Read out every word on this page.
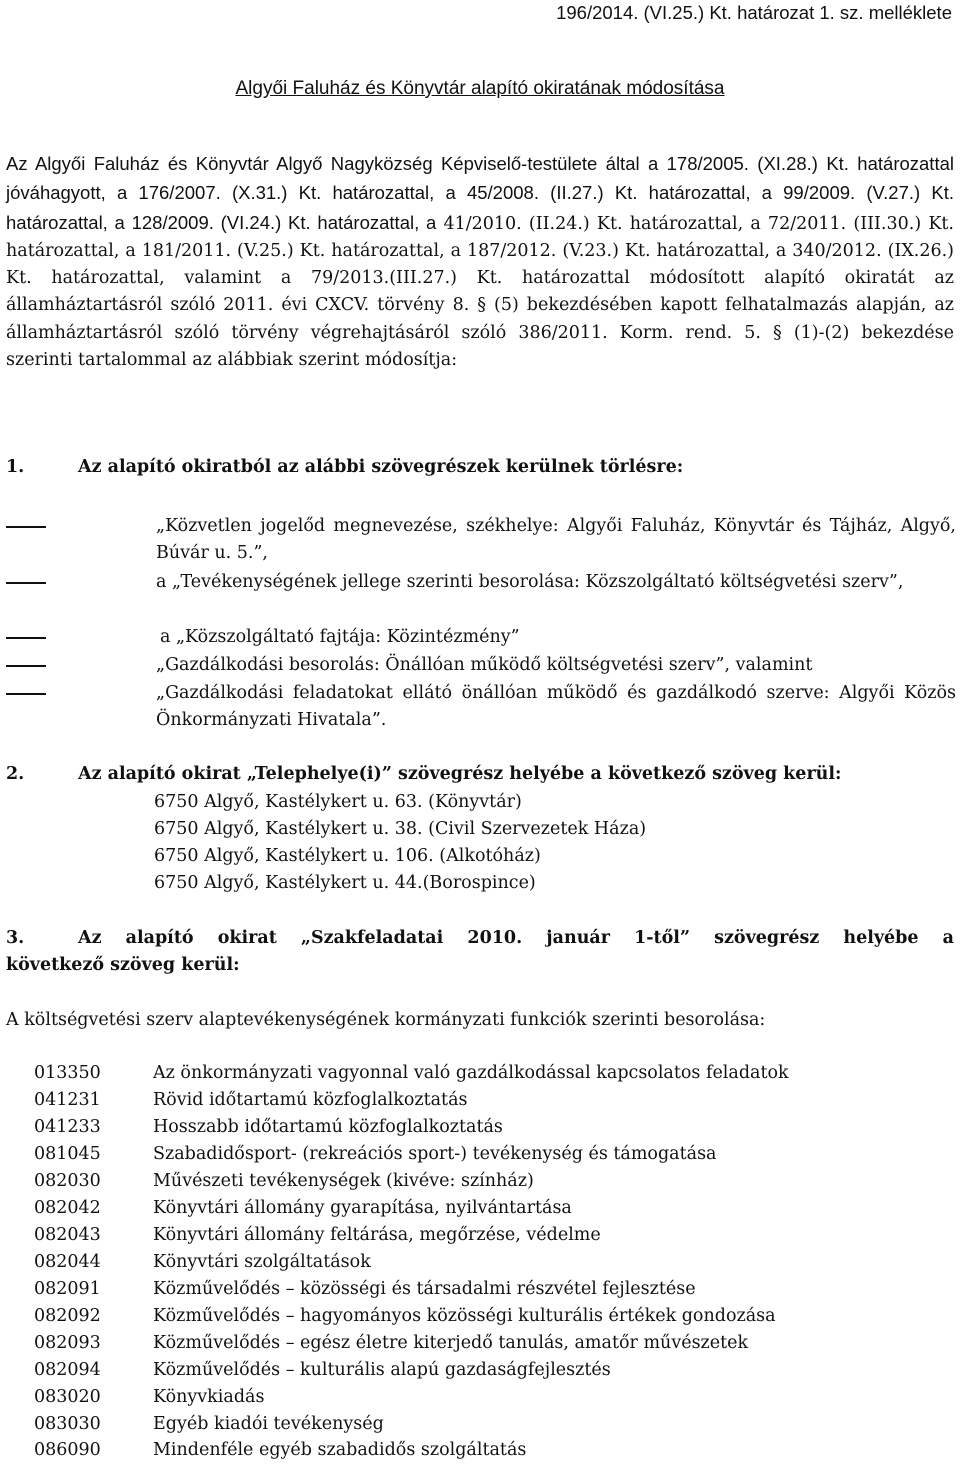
196/2014. (VI.25.) Kt. határozat 1. sz. melléklete
Algyői Faluház és Könyvtár alapító okiratának módosítása
Az Algyői Faluház és Könyvtár Algyő Nagyközség Képviselő-testülete által a 178/2005. (XI.28.) Kt. határozattal jóváhagyott, a 176/2007. (X.31.) Kt. határozattal, a 45/2008. (II.27.) Kt. határozattal, a 99/2009. (V.27.) Kt. határozattal, a 128/2009. (VI.24.) Kt. határozattal, a 41/2010. (II.24.) Kt. határozattal, a 72/2011. (III.30.) Kt. határozattal, a 181/2011. (V.25.) Kt. határozattal, a 187/2012. (V.23.) Kt. határozattal, a 340/2012. (IX.26.) Kt. határozattal, valamint a 79/2013.(III.27.) Kt. határozattal módosított alapító okiratát az államháztartásról szóló 2011. évi CXCV. törvény 8. § (5) bekezdésében kapott felhatalmazás alapján, az államháztartásról szóló törvény végrehajtásáról szóló 386/2011. Korm. rend. 5. § (1)-(2) bekezdése szerinti tartalommal az alábbiak szerint módosítja:
1.	Az alapító okiratból az alábbi szövegrészek kerülnek törlésre:
„Közvetlen jogelőd megnevezése, székhelye: Algyői Faluház, Könyvtár és Tájház, Algyő, Búvár u. 5.”,
a „Tevékenységének jellege szerinti besorolása: Közszolgáltató költségvetési szerv”,
a „Közszolgáltató fajtája: Közintézmény”
„Gazdálkodási besorolás: Önállóan működő költségvetési szerv”, valamint
„Gazdálkodási feladatokat ellátó önállóan működő és gazdálkodó szerve: Algyői Közös Önkormányzati Hivatala”.
2.	Az alapító okirat „Telephelye(i)” szövegrész helyébe a következő szöveg kerül:
6750 Algyő, Kastélykert u. 63. (Könyvtár)
6750 Algyő, Kastélykert u. 38. (Civil Szervezetek Háza)
6750 Algyő, Kastélykert u. 106. (Alkotóház)
6750 Algyő, Kastélykert u. 44.(Borospince)
3.	Az alapító okirat „Szakfeladatai 2010. január 1-től” szövegrész helyébe a
következő szöveg kerül:
A költségvetési szerv alaptevékenységének kormányzati funkciók szerinti besorolása:
013350	Az önkormányzati vagyonnal való gazdálkodással kapcsolatos feladatok
041231	Rövid időtartamú közfoglalkoztatás
041233	Hosszabb időtartamú közfoglalkoztatás
081045	Szabadidősport- (rekreációs sport-) tevékenység és támogatása
082030	Művészeti tevékenységek (kivéve: színház)
082042	Könyvtári állomány gyarapítása, nyilvántartása
082043	Könyvtári állomány feltárása, megőrzése, védelme
082044	Könyvtári szolgáltatások
082091	Közművelődés – közösségi és társadalmi részvétel fejlesztése
082092	Közművelődés – hagyományos közösségi kulturális értékek gondozása
082093	Közművelődés – egész életre kiterjedő tanulás, amatőr művészetek
082094	Közművelődés – kulturális alapú gazdaságfejlesztés
083020	Könyvkiadás
083030	Egyéb kiadói tevékenység
086090	Mindenféle egyéb szabadidős szolgáltatás
